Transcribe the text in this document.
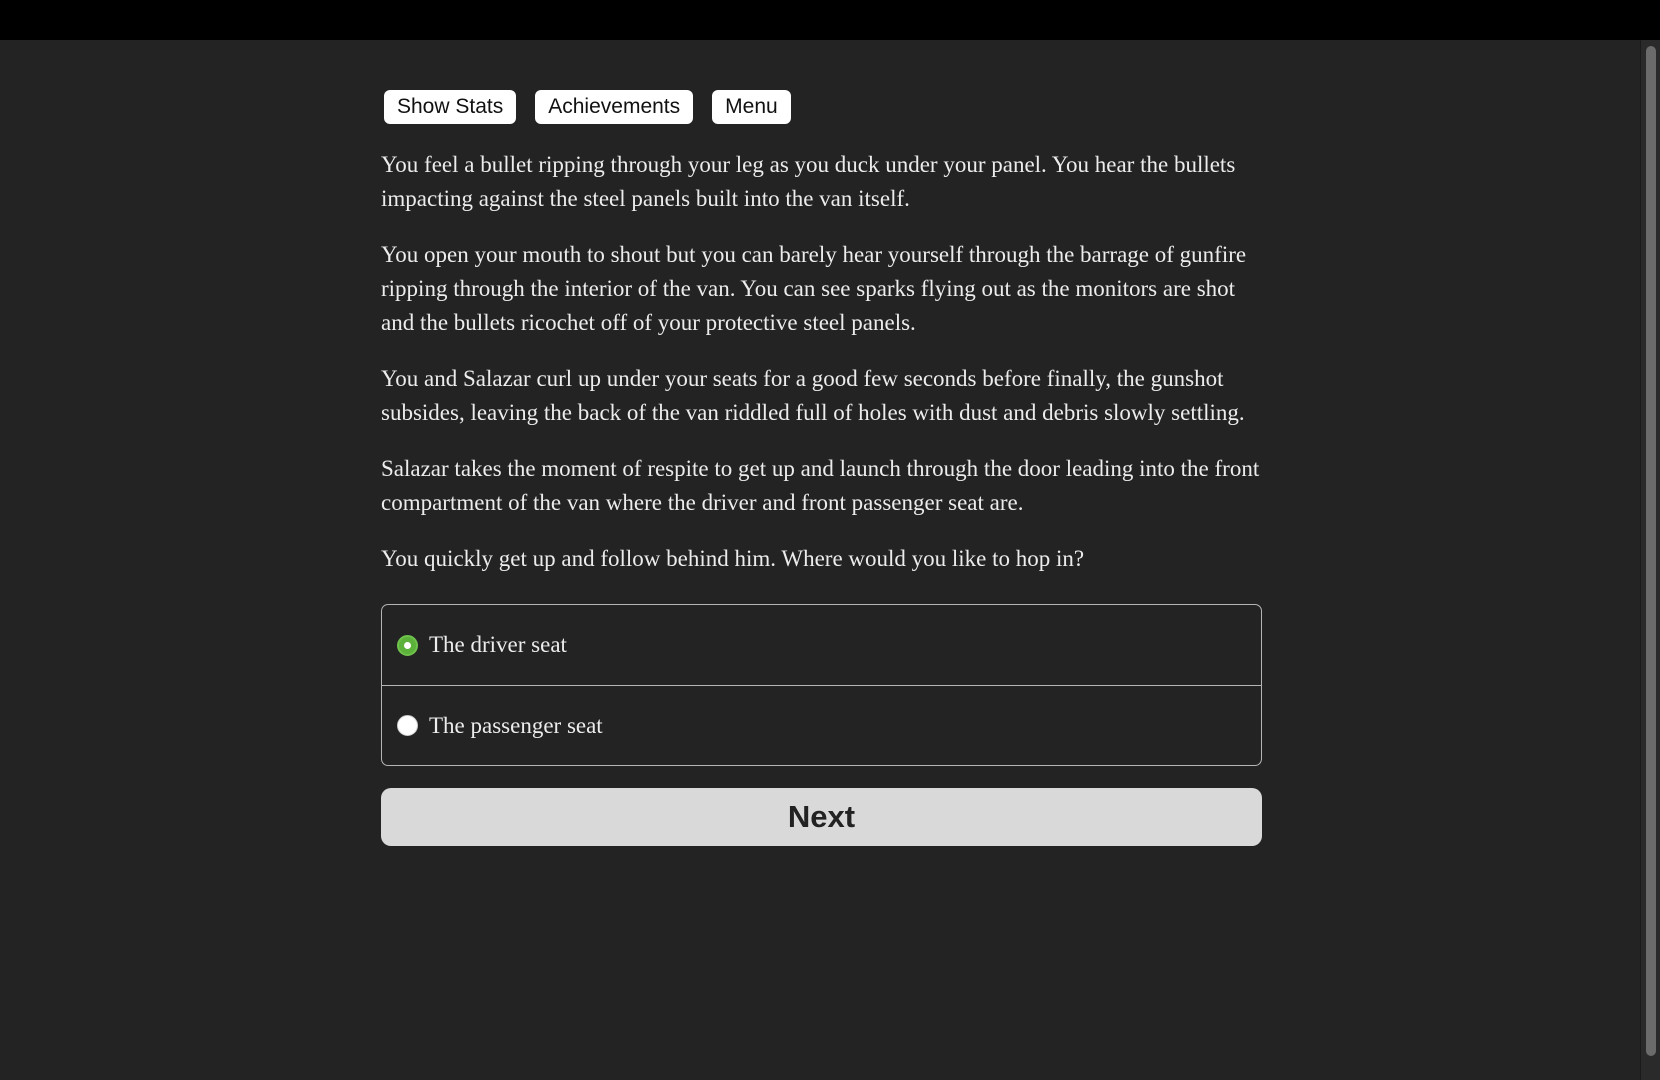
Show Stats	Achievements	Menu

You feel a bullet ripping through your leg as you duck under your panel. You hear the bullets impacting against the steel panels built into the van itself.

You open your mouth to shout but you can barely hear yourself through the barrage of gunfire ripping through the interior of the van. You can see sparks flying out as the monitors are shot and the bullets ricochet off of your protective steel panels.

You and Salazar curl up under your seats for a good few seconds before finally, the gunshot subsides, leaving the back of the van riddled full of holes with dust and debris slowly settling.

Salazar takes the moment of respite to get up and launch through the door leading into the front compartment of the van where the driver and front passenger seat are.

You quickly get up and follow behind him. Where would you like to hop in?

The driver seat
The passenger seat
Next
